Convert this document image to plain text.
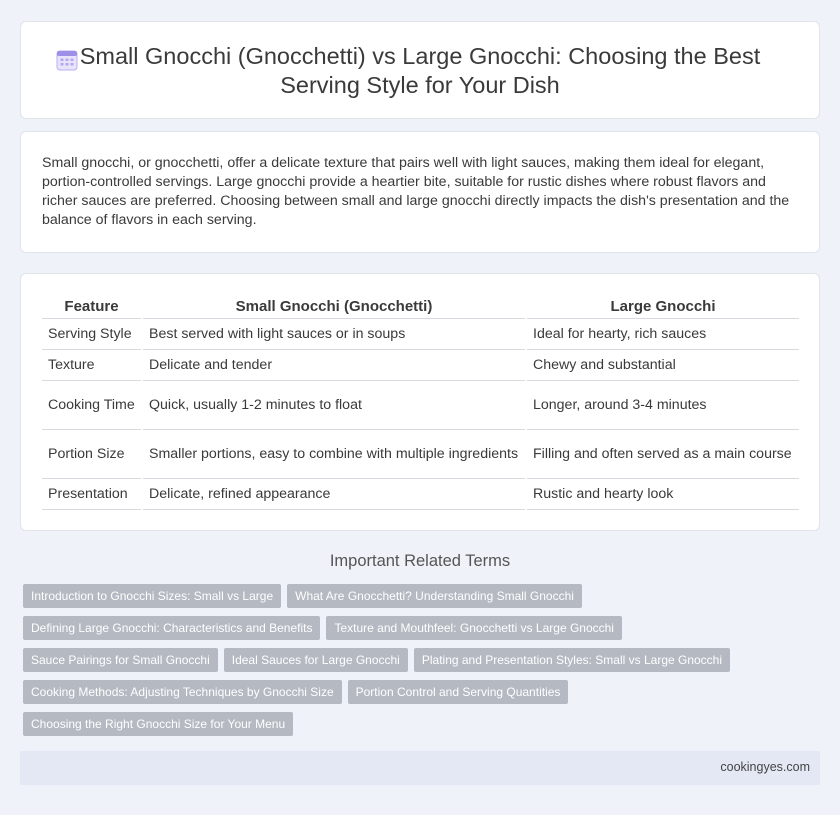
Small Gnocchi (Gnocchetti) vs Large Gnocchi: Choosing the Best Serving Style for Your Dish

Small gnocchi, or gnocchetti, offer a delicate texture that pairs well with light sauces, making them ideal for elegant, portion-controlled servings. Large gnocchi provide a heartier bite, suitable for rustic dishes where robust flavors and richer sauces are preferred. Choosing between small and large gnocchi directly impacts the dish's presentation and the balance of flavors in each serving.

Feature	Small Gnocchi (Gnocchetti)	Large Gnocchi
Serving Style	Best served with light sauces or in soups	Ideal for hearty, rich sauces
Texture	Delicate and tender	Chewy and substantial
Cooking Time	Quick, usually 1-2 minutes to float	Longer, around 3-4 minutes
Portion Size	Smaller portions, easy to combine with multiple ingredients	Filling and often served as a main course
Presentation	Delicate, refined appearance	Rustic and hearty look
Important Related Terms
Introduction to Gnocchi Sizes: Small vs Large	What Are Gnocchetti? Understanding Small Gnocchi
Defining Large Gnocchi: Characteristics and Benefits	Texture and Mouthfeel: Gnocchetti vs Large Gnocchi
Sauce Pairings for Small Gnocchi	Ideal Sauces for Large Gnocchi	Plating and Presentation Styles: Small vs Large Gnocchi
Cooking Methods: Adjusting Techniques by Gnocchi Size	Portion Control and Serving Quantities
Choosing the Right Gnocchi Size for Your Menu
cookingyes.com
